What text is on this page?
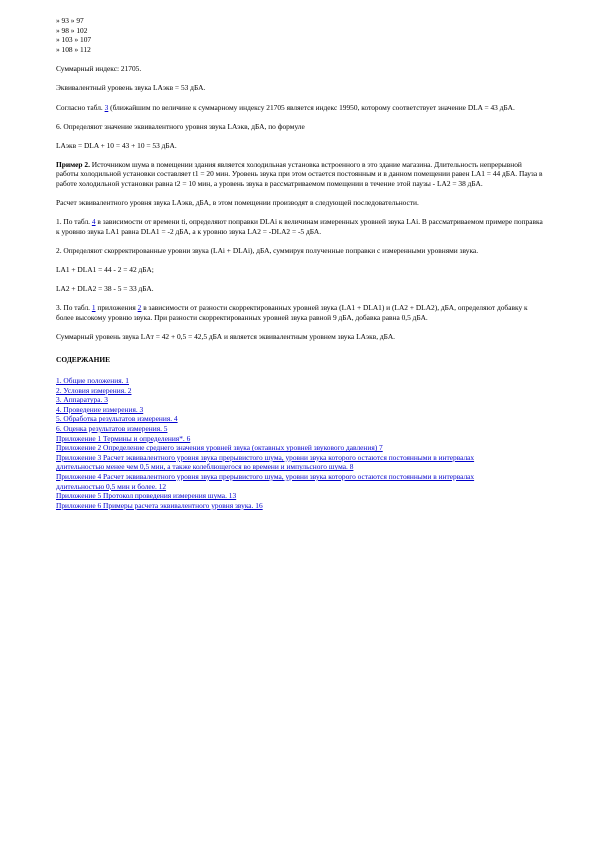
» 93 » 97
» 98 » 102
» 103 » 107
» 108 » 112

Суммарный индекс: 21705.

Эквивалентный уровень звука LАэкв = 53 дБА.

Согласно табл. 3 (ближайшим по величине к суммарному индексу 21705 является индекс 19950, которому соответствует значение DLA = 43 дБА.

6. Определяют значение эквивалентного уровня звука LАэкв, дБА, по формуле

LАэкв = DLA + 10 = 43 + 10 = 53 дБА.

Пример 2. Источником шума в помещении здания является холодильная установка встроенного в это здание магазина. Длительность непрерывной работы холодильной установки составляет t1 = 20 мин. Уровень звука при этом остается постоянным и в данном помещении равен LA1 = 44 дБА. Пауза в работе холодильной установки равна t2 = 10 мин, а уровень звука в рассматриваемом помещении в течение этой паузы - LA2 = 38 дБА.

Расчет эквивалентного уровня звука LАэкв, дБА, в этом помещении производят в следующей последовательности.

1. По табл. 4 в зависимости от времени ti, определяют поправки DLAi к величинам измеренных уровней звука LAi. В рассматриваемом примере поправка к уровню звука LA1 равна DLA1 = -2 дБА, а к уровню звука LA2 = -DLA2 = -5 дБА.

2. Определяют скорректированные уровни звука (LAi + DLAi), дБА, суммируя полученные поправки с измеренными уровнями звука.

LA1 + DLA1 = 44 - 2 = 42 дБА;

LA2 + DLA2 = 38 - 5 = 33 дБА.

3. По табл. 1 приложения 2 в зависимости от разности скорректированных уровней звука (LA1 + DLA1) и (LA2 + DLA2), дБА, определяют добавку к более высокому уровню звука. При разности скорректированных уровней звука равной 9 дБА, добавка равна 0,5 дБА.

Суммарный уровень звука LAт = 42 + 0,5 = 42,5 дБА и является эквивалентным уровнем звука LАэкв, дБА.

СОДЕРЖАНИЕ
1. Общие положения. 1
2. Условия измерения. 2
3. Аппаратура. 3
4. Проведение измерения. 3
5. Обработка результатов измерения. 4
6. Оценка результатов измерения. 5
Приложение 1 Термины и определения*. 6
Приложение 2 Определение среднего значения уровней звука (октавных уровней звукового давления) 7
Приложение 3 Расчет эквивалентного уровня звука прерывистого шума, уровни звука которого остаются постоянными в интервалах длительностью менее чем 0,5 мин, а также колеблющегося во времени и импульсного шума. 8
Приложение 4 Расчет эквивалентного уровня звука прерывистого шума, уровни звука которого остаются постоянными в интервалах длительностью 0,5 мин и более. 12
Приложение 5 Протокол проведения измерения шума. 13
Приложение 6 Примеры расчета эквивалентного уровня звука. 16
